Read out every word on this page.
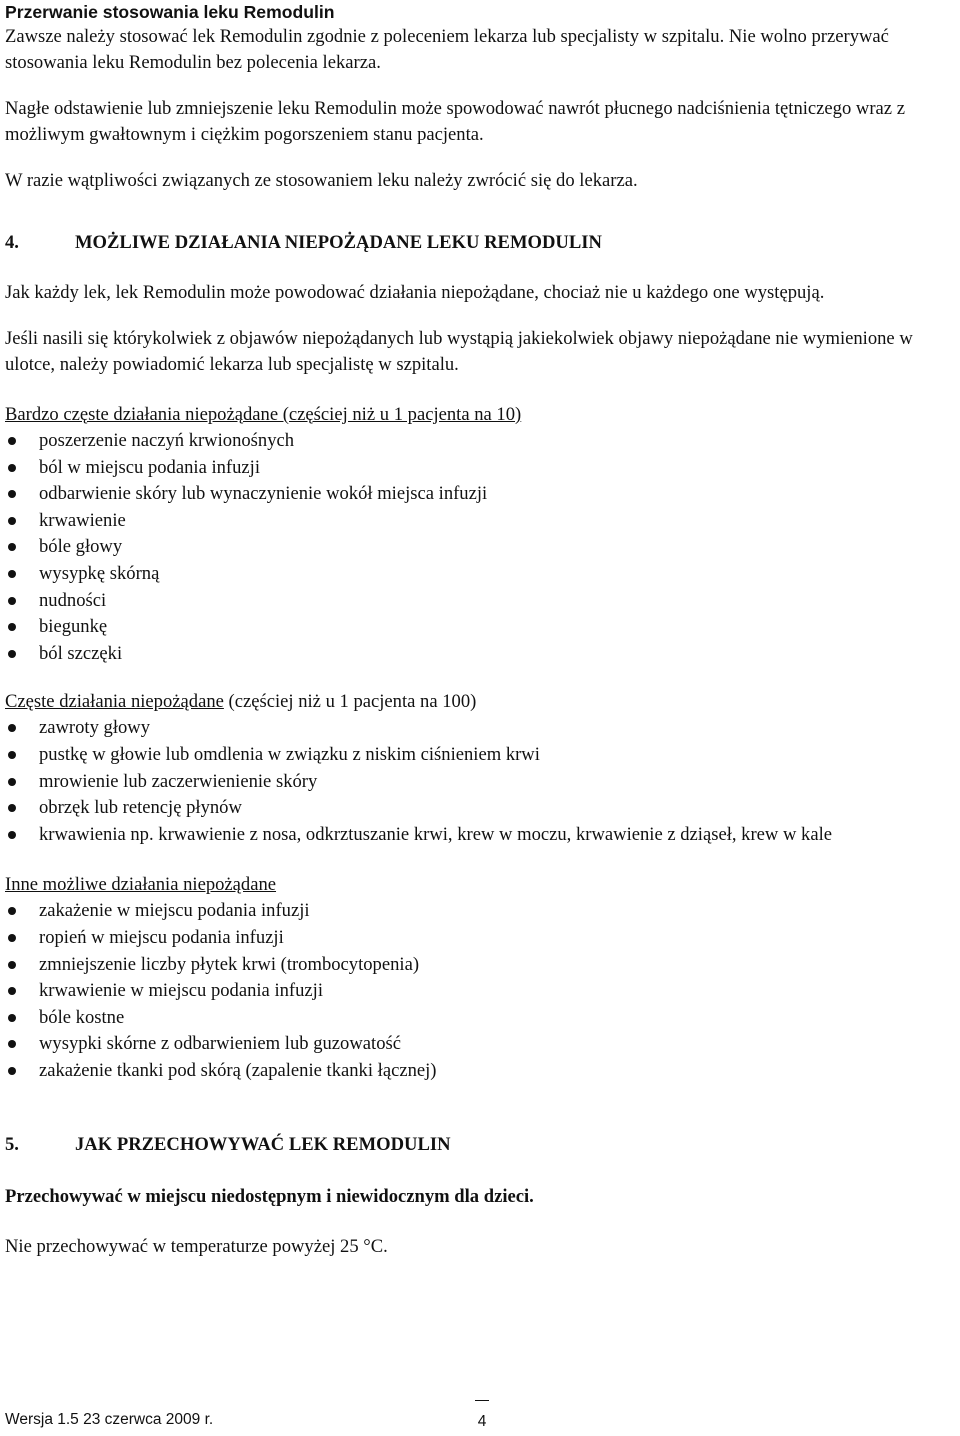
Przerwanie stosowania leku Remodulin

Zawsze należy stosować lek Remodulin zgodnie z poleceniem lekarza lub specjalisty w szpitalu. Nie wolno przerywać stosowania leku Remodulin bez polecenia lekarza.

Nagłe odstawienie lub zmniejszenie leku Remodulin może spowodować nawrót płucnego nadciśnienia tętniczego wraz z możliwym gwałtownym i ciężkim pogorszeniem stanu pacjenta.

W razie wątpliwości związanych ze stosowaniem leku należy zwrócić się do lekarza.

4.	MOŻLIWE DZIAŁANIA NIEPOŻĄDANE LEKU REMODULIN

Jak każdy lek, lek Remodulin może powodować działania niepożądane, chociaż nie u każdego one występują.

Jeśli nasili się którykolwiek z objawów niepożądanych lub wystąpią jakiekolwiek objawy niepożądane nie wymienione w ulotce, należy powiadomić lekarza lub specjalistę w szpitalu.

Bardzo częste działania niepożądane (częściej niż u 1 pacjenta na 10)

poszerzenie naczyń krwionośnych
ból w miejscu podania infuzji
odbarwienie skóry lub wynaczynienie wokół miejsca infuzji
krwawienie
bóle głowy
wysypkę skórną
nudności
biegunkę
ból szczęki

Częste działania niepożądane (częściej niż u 1 pacjenta na 100)

zawroty głowy
pustkę w głowie lub omdlenia w związku z niskim ciśnieniem krwi
mrowienie lub zaczerwienienie skóry
obrzęk lub retencję płynów
krwawienia np. krwawienie z nosa, odkrztuszanie krwi, krew w moczu, krwawienie z dziąseł, krew w kale

Inne możliwe działania niepożądane

zakażenie w miejscu podania infuzji
ropień w miejscu podania infuzji
zmniejszenie liczby płytek krwi (trombocytopenia)
krwawienie w miejscu podania infuzji
bóle kostne
wysypki skórne z odbarwieniem lub guzowatość
zakażenie tkanki pod skórą (zapalenie tkanki łącznej)
5.	JAK PRZECHOWYWAĆ LEK REMODULIN

Przechowywać w miejscu niedostępnym i niewidocznym dla dzieci.

Nie przechowywać w temperaturze powyżej 25 °C.

Wersja 1.5 23 czerwca 2009 r.	4
